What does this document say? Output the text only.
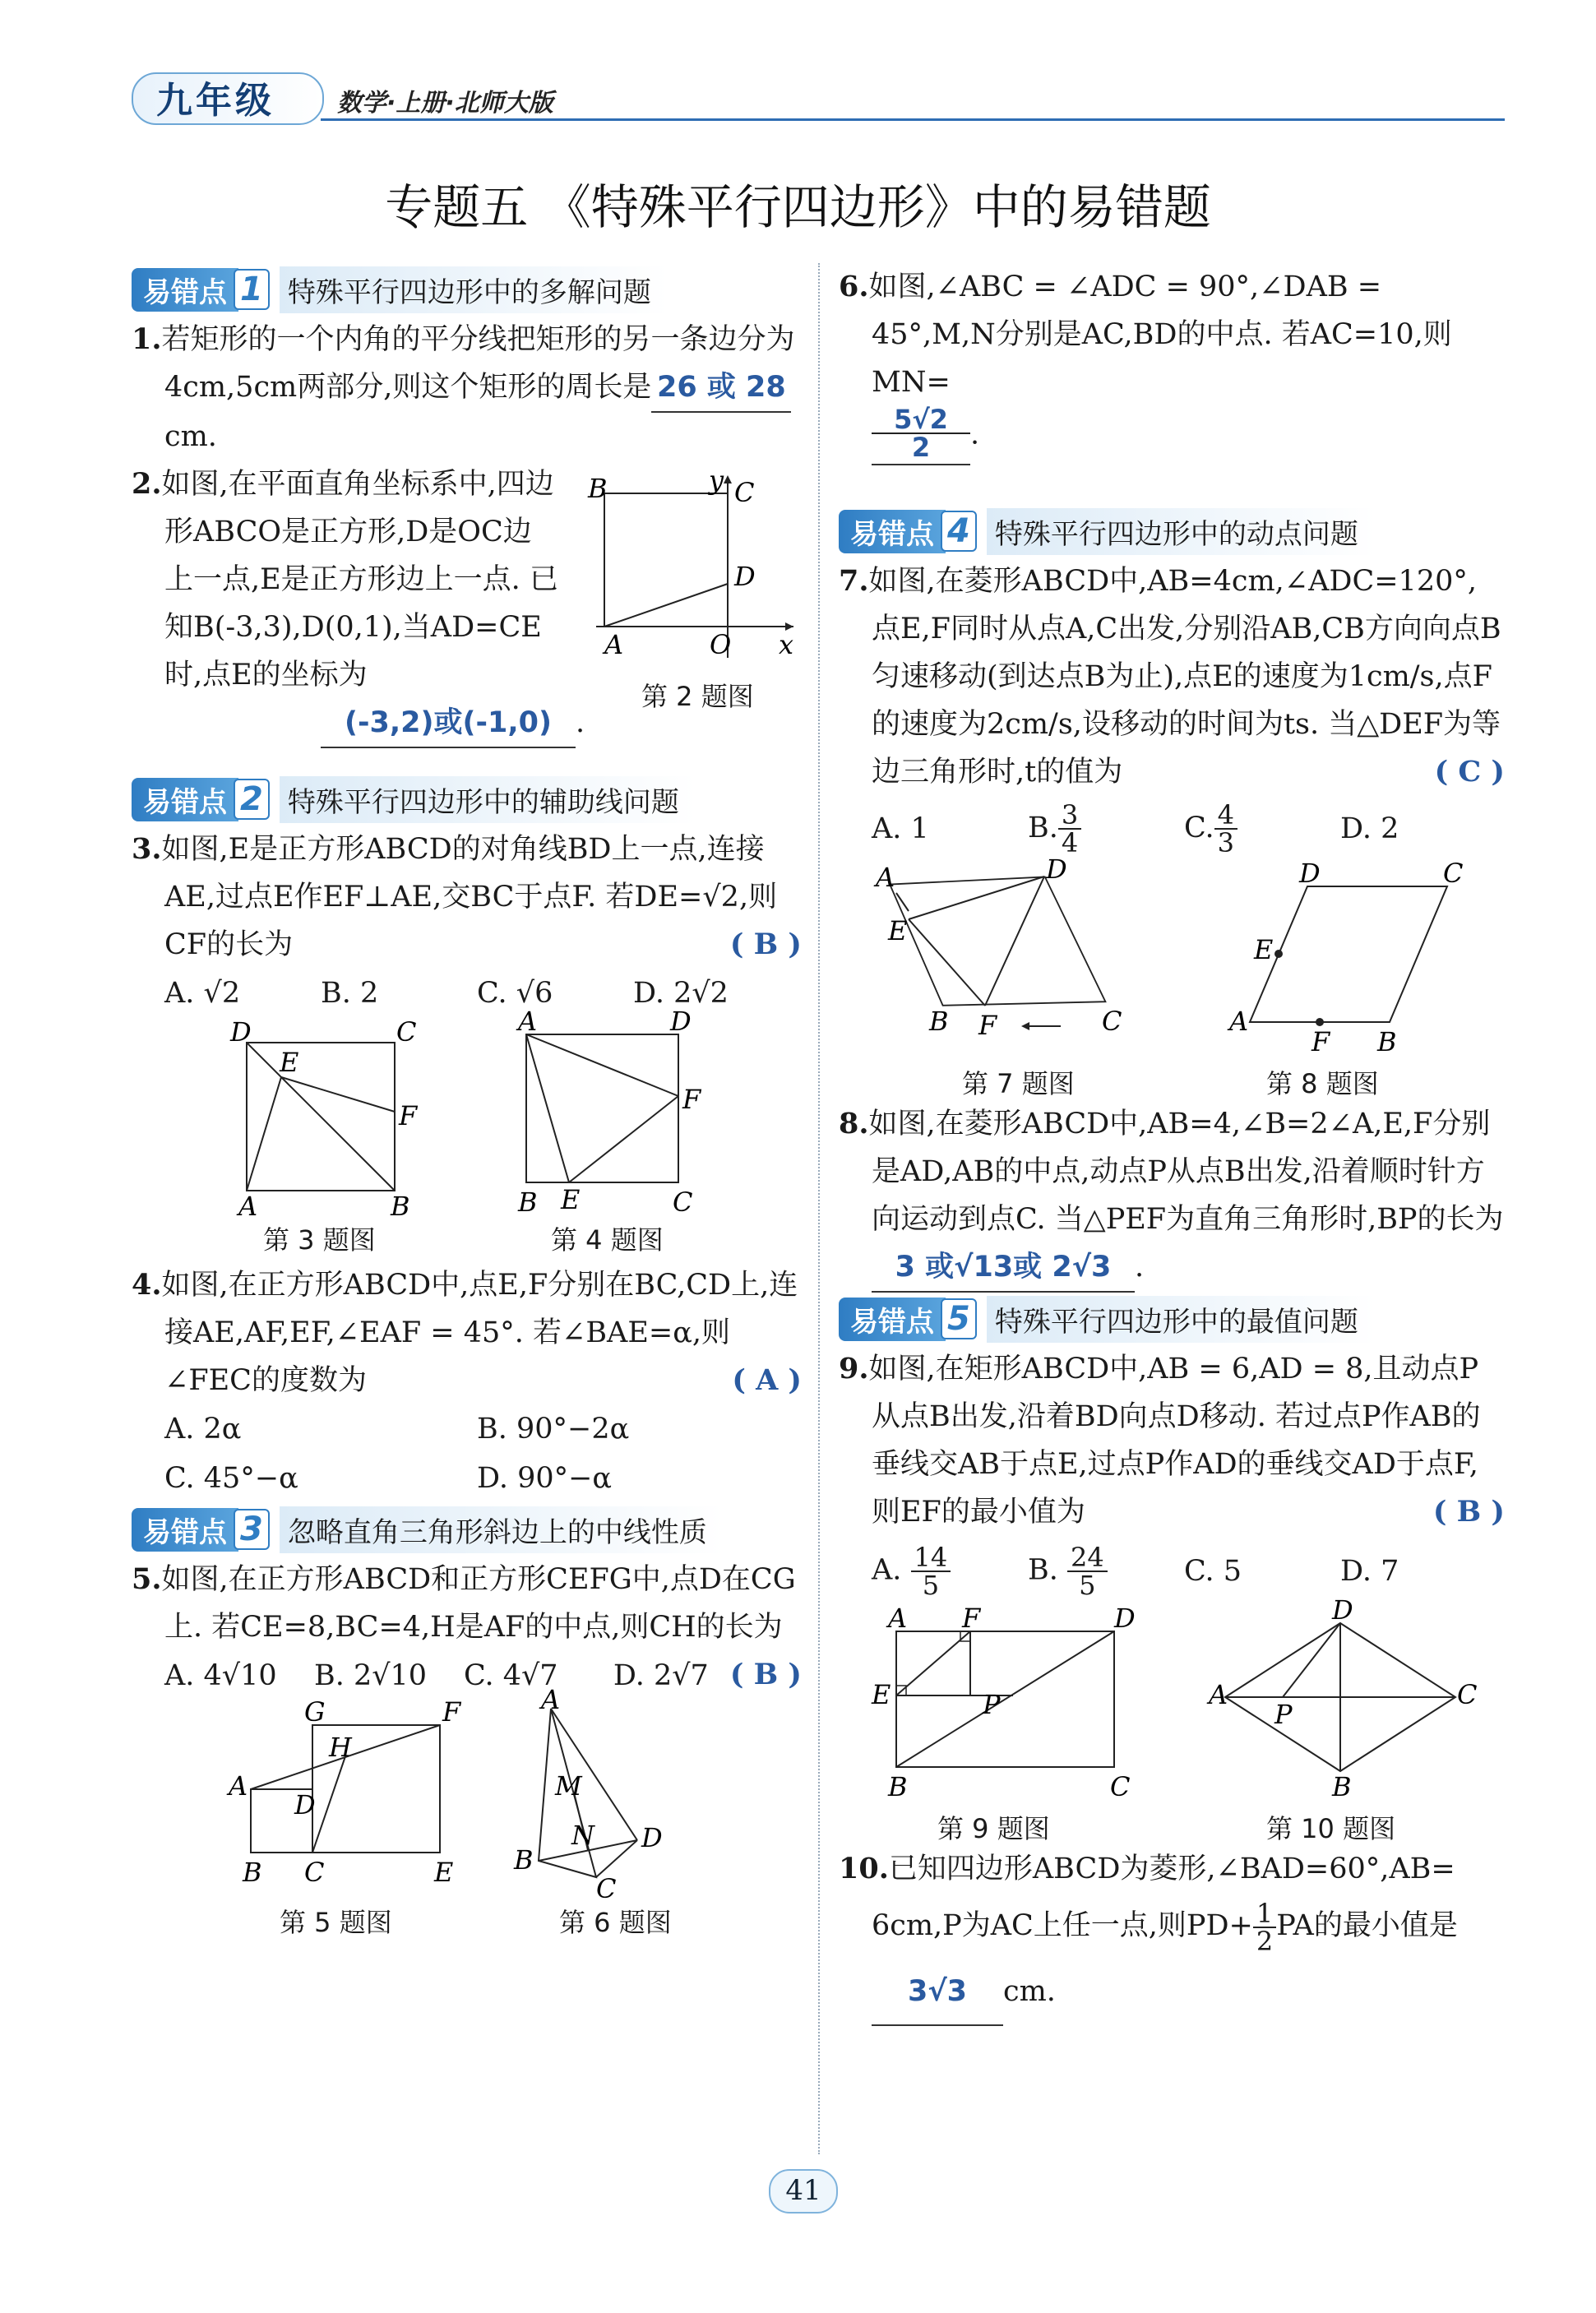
九年级	数学·上册·北师大版
专题五 《特殊平行四边形》中的易错题
易错点 1 特殊平行四边形中的多解问题

1.若矩形的一个内角的平分线把矩形的另一条边分为4cm,5cm两部分,则这个矩形的周长是 26 或 28cm.

2.如图,在平面直角坐标系中,四边形ABCO是正方形,D是OC边上一点,E是正方形边上一点. 已知B(-3,3),D(0,1),当AD=CE时,点E的坐标为

(-3,2)或(-1,0) .
B	y C
D
A	O x
第 2 题图
易错点 2 特殊平行四边形中的辅助线问题

3.如图,E是正方形ABCD的对角线BD上一点,连接AE,过点E作EF⊥AE,交BC于点F. 若DE=√2,则CF的长为	( B )

A. √2	B. 2	C. √6	D. 2√2
D	C
E
F
A	B
第 3 题图
A	D
F
B E	C
第 4 题图

4.如图,在正方形ABCD中,点E,F分别在BC,CD上,连接AE,AF,EF,∠EAF = 45°. 若∠BAE=α,则∠FEC的度数为	( A )

A. 2α	B. 90°−2α
C. 45°−α	D. 90°−α
易错点 3 忽略直角三角形斜边上的中线性质

5.如图,在正方形ABCD和正方形CEFG中,点D在CG上. 若CE=8,BC=4,H是AF的中点,则CH的长为
( B )

A. 4√10	B. 2√10	C. 4√7	D. 2√7
G	F
H
A
D
B C	E
第 5 题图
A
M
N D
B
C
第 6 题图

6.如图,∠ABC = ∠ADC = 90°,∠DAB = 45°,M,N分别是AC,BD的中点. 若AC=10,则MN=

$\frac{5√2}{2}$ .
易错点 4 特殊平行四边形中的动点问题

7.如图,在菱形ABCD中,AB=4cm,∠ADC=120°,点E,F同时从点A,C出发,分别沿AB,CB方向向点B匀速移动(到达点B为止),点E的速度为1cm/s,点F的速度为2cm/s,设移动的时间为ts. 当△DEF为等边三角形时,t的值为	( C )

A. 1	B. $\frac{3}{4}$	C. $\frac{4}{3}$	D. 2
A	D
E
B F	C
第 7 题图
D	C
E
A
F B
第 8 题图

8.如图,在菱形ABCD中,AB=4,∠B=2∠A,E,F分别是AD,AB的中点,动点P从点B出发,沿着顺时针方向运动到点C. 当△PEF为直角三角形时,BP的长为3 或√13或 2√3 .

易错点 5 特殊平行四边形中的最值问题

9.如图,在矩形ABCD中,AB = 6,AD = 8,且动点P从点B出发,沿着BD向点D移动. 若过点P作AB的垂线交AB于点E,过点P作AD的垂线交AD于点F,则EF的最小值为	( B )

A. $\frac{14}{5}$	B. $\frac{24}{5}$	C. 5	D. 7
A F	D
E	P
B	C
第 9 题图
D
A
P
C
B
第 10 题图

10.已知四边形ABCD为菱形,∠BAD=60°,AB=

6cm,P为AC上任一点,则$PD+ \frac{1}{2}$ PA的最小值是3√3 cm.
41
